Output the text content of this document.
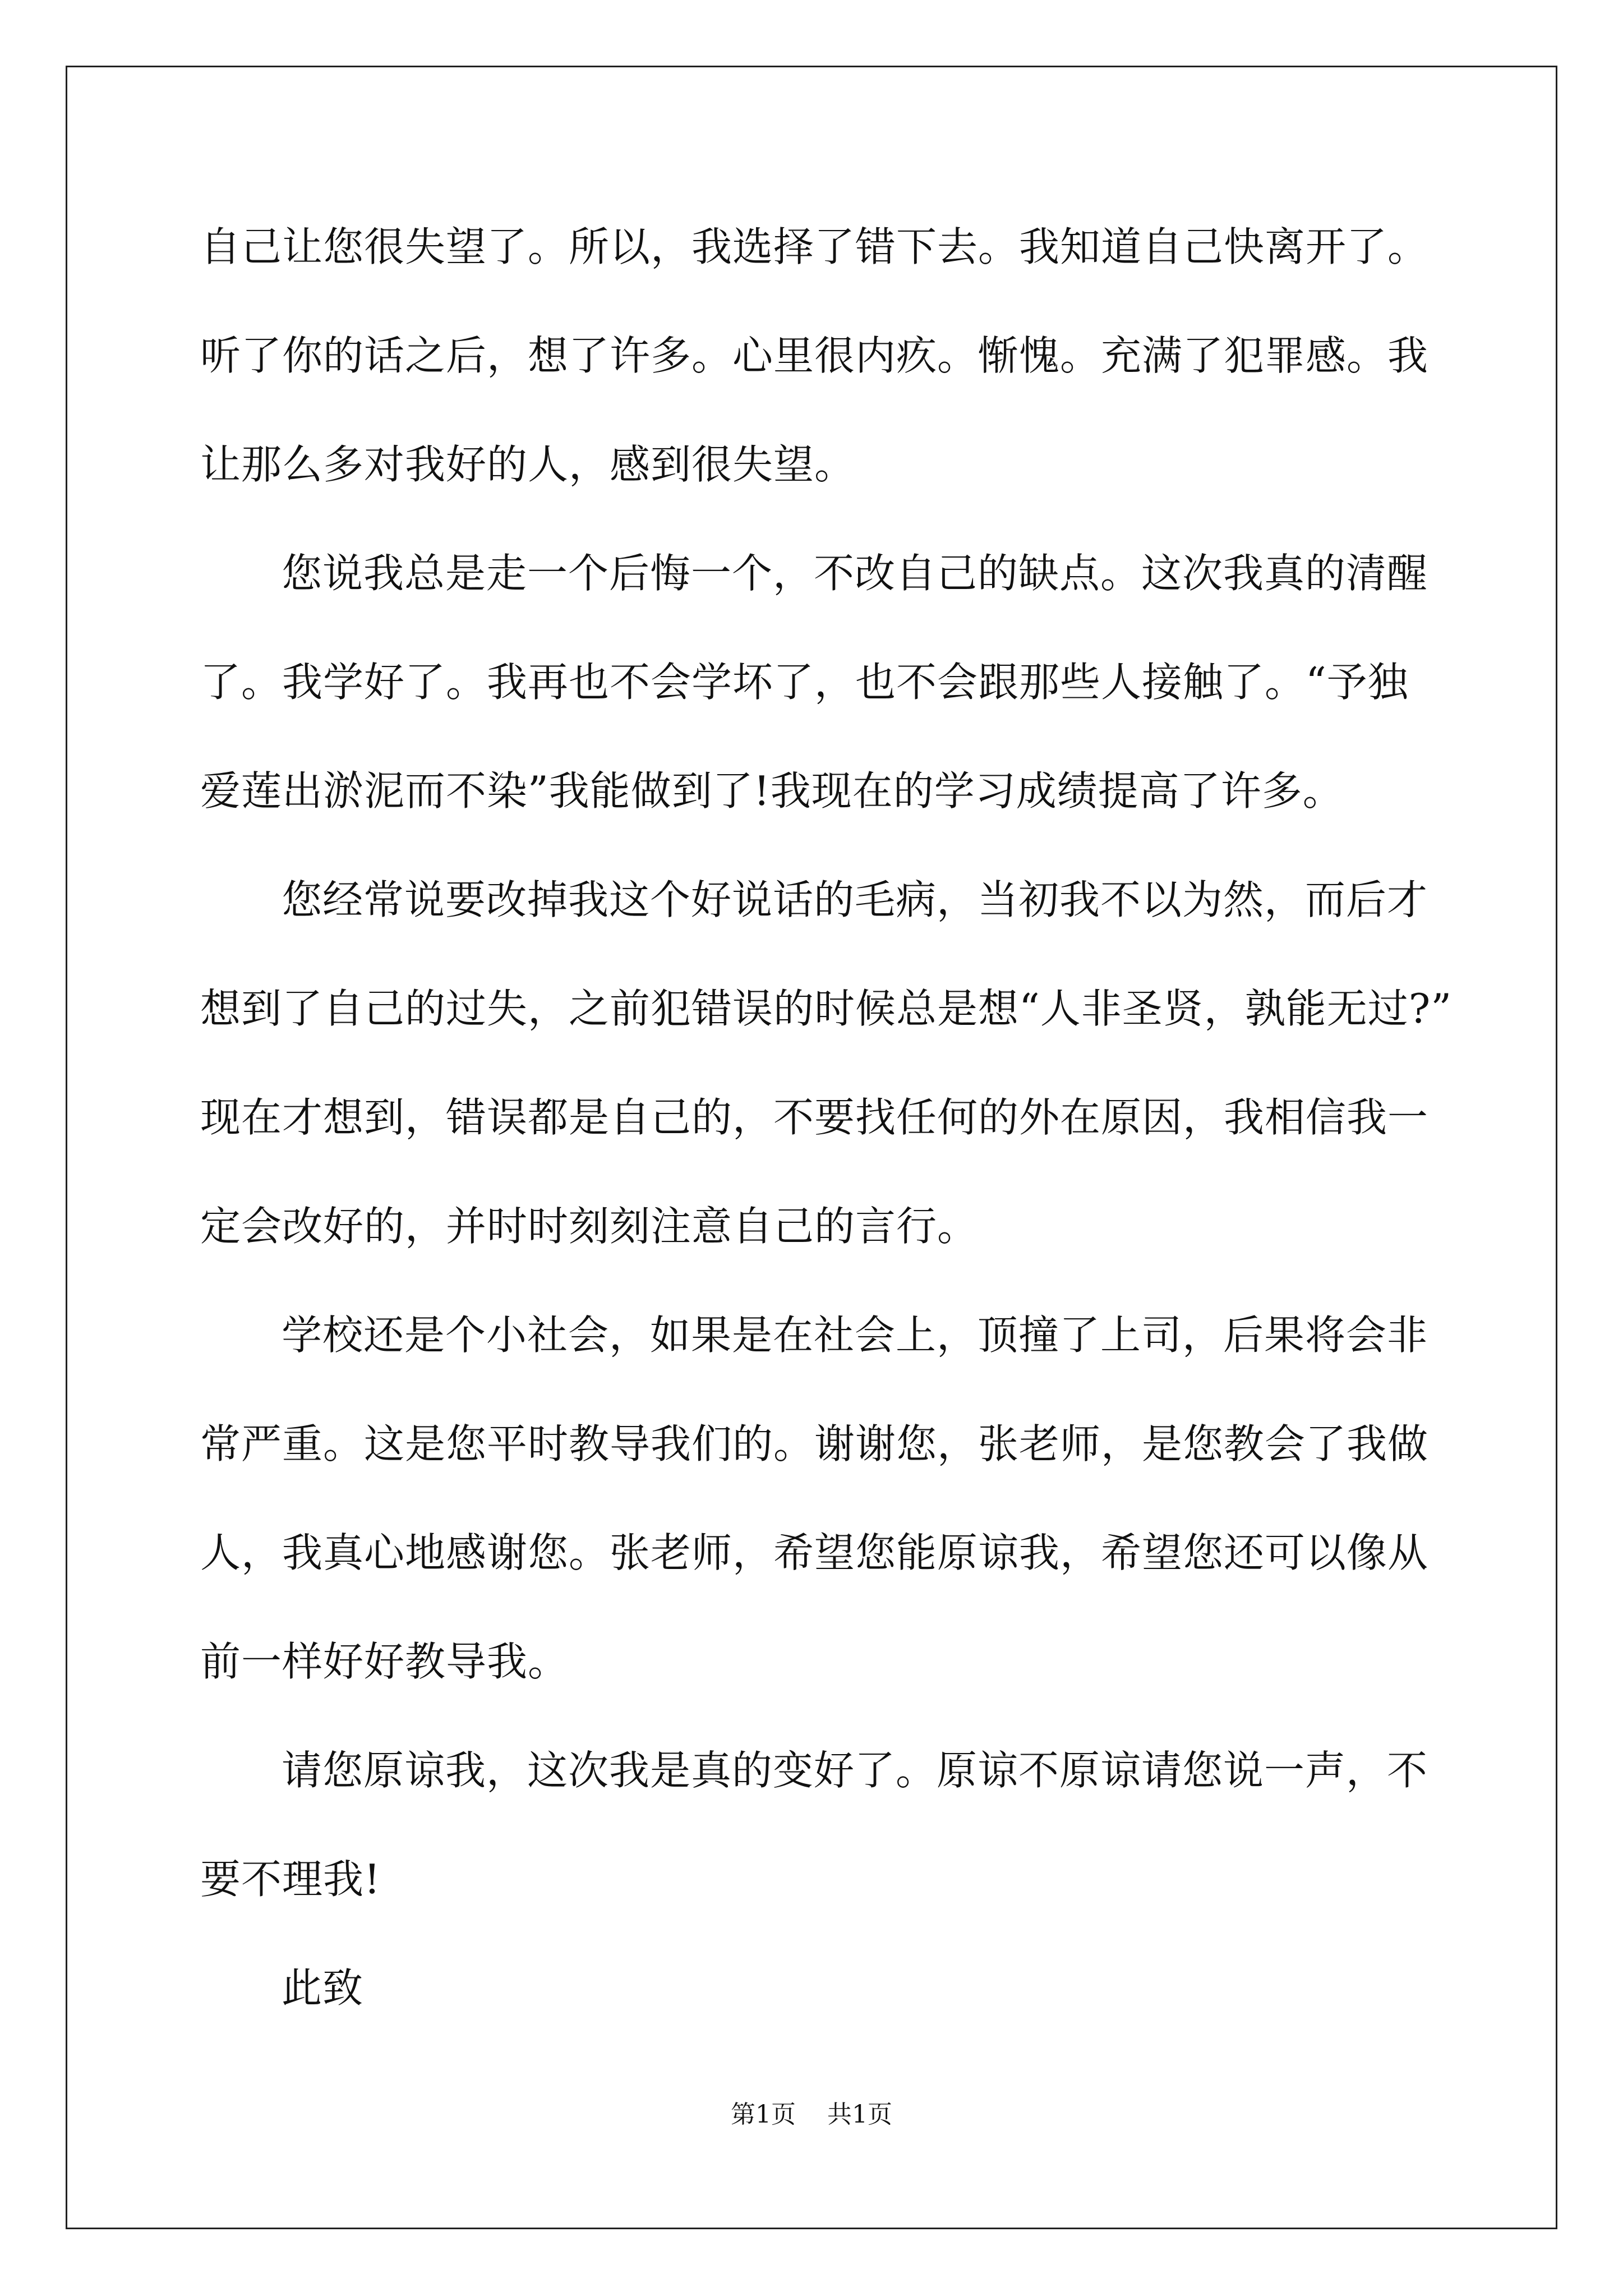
自己让您很失望了。所以，我选择了错下去。我知道自己快离开了。
听了你的话之后，想了许多。心里很内疚。惭愧。充满了犯罪感。我
让那么多对我好的人，感到很失望。
您说我总是走一个后悔一个，不改自己的缺点。这次我真的清醒
了。我学好了。我再也不会学坏了，也不会跟那些人接触了。“予独
爱莲出淤泥而不染”我能做到了!我现在的学习成绩提高了许多。
您经常说要改掉我这个好说话的毛病，当初我不以为然，而后才
想到了自己的过失，之前犯错误的时候总是想“人非圣贤，孰能无过?”
现在才想到，错误都是自己的，不要找任何的外在原因，我相信我一
定会改好的，并时时刻刻注意自己的言行。
学校还是个小社会，如果是在社会上，顶撞了上司，后果将会非
常严重。这是您平时教导我们的。谢谢您，张老师，是您教会了我做
人，我真心地感谢您。张老师，希望您能原谅我，希望您还可以像从
前一样好好教导我。
请您原谅我，这次我是真的变好了。原谅不原谅请您说一声，不
要不理我!
此致
第1页    共1页
